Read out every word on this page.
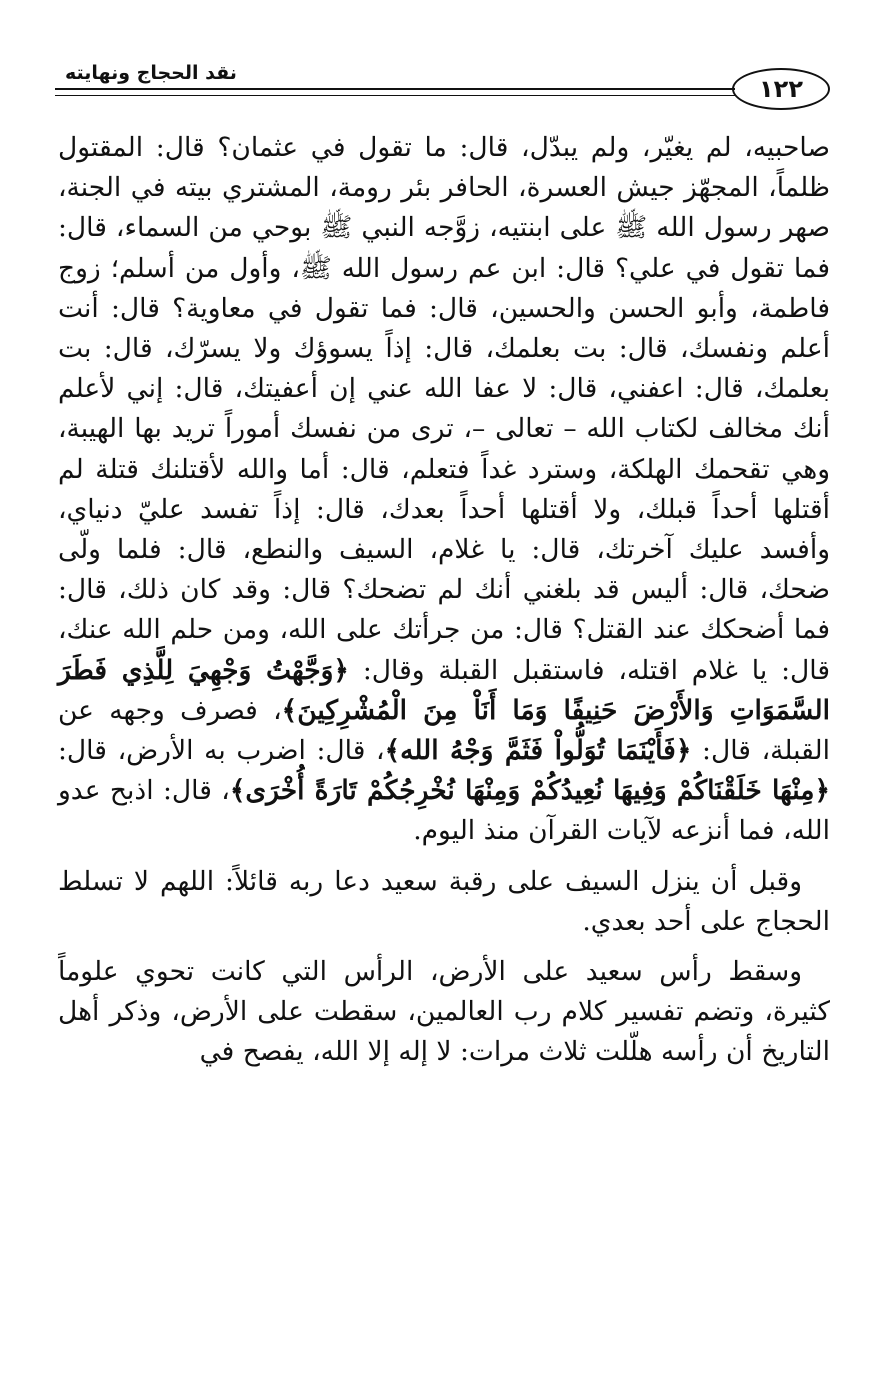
نقد الحجاج ونهايته
١٢٢

صاحبيه، لم يغيّر، ولم يبدّل، قال: ما تقول في عثمان؟ قال: المقتول ظلماً، المجهّز جيش العسرة، الحافر بئر رومة، المشتري بيته في الجنة، صهر رسول الله ﷺ على ابنتيه، زوَّجه النبي ﷺ بوحي من السماء، قال: فما تقول في علي؟ قال: ابن عم رسول الله ﷺ، وأول من أسلم؛ زوج فاطمة، وأبو الحسن والحسين، قال: فما تقول في معاوية؟ قال: أنت أعلم ونفسك، قال: بت بعلمك، قال: إذاً يسوؤك ولا يسرّك، قال: بت بعلمك، قال: اعفني، قال: لا عفا الله عني إن أعفيتك، قال: إني لأعلم أنك مخالف لكتاب الله – تعالى –، ترى من نفسك أموراً تريد بها الهيبة، وهي تقحمك الهلكة، وسترد غداً فتعلم، قال: أما والله لأقتلنك قتلة لم أقتلها أحداً قبلك، ولا أقتلها أحداً بعدك، قال: إذاً تفسد عليّ دنياي، وأفسد عليك آخرتك، قال: يا غلام، السيف والنطع، قال: فلما ولّى ضحك، قال: أليس قد بلغني أنك لم تضحك؟ قال: وقد كان ذلك، قال: فما أضحكك عند القتل؟ قال: من جرأتك على الله، ومن حلم الله عنك، قال: يا غلام اقتله، فاستقبل القبلة وقال: ﴿وَجَّهْتُ وَجْهِيَ لِلَّذِي فَطَرَ السَّمَوَاتِ وَالأَرْضَ حَنِيفًا وَمَا أَنَاْ مِنَ الْمُشْرِكِينَ﴾، فصرف وجهه عن القبلة، قال: ﴿فَأَيْنَمَا تُوَلُّواْ فَثَمَّ وَجْهُ الله﴾، قال: اضرب به الأرض، قال: ﴿مِنْهَا خَلَقْنَاكُمْ وَفِيهَا نُعِيدُكُمْ وَمِنْهَا نُخْرِجُكُمْ تَارَةً أُخْرَى﴾، قال: اذبح عدو الله، فما أنزعه لآيات القرآن منذ اليوم.

وقبل أن ينزل السيف على رقبة سعيد دعا ربه قائلاً: اللهم لا تسلط الحجاج على أحد بعدي.

وسقط رأس سعيد على الأرض، الرأس التي كانت تحوي علوماً كثيرة، وتضم تفسير كلام رب العالمين، سقطت على الأرض، وذكر أهل التاريخ أن رأسه هلّلت ثلاث مرات: لا إله إلا الله، يفصح في
